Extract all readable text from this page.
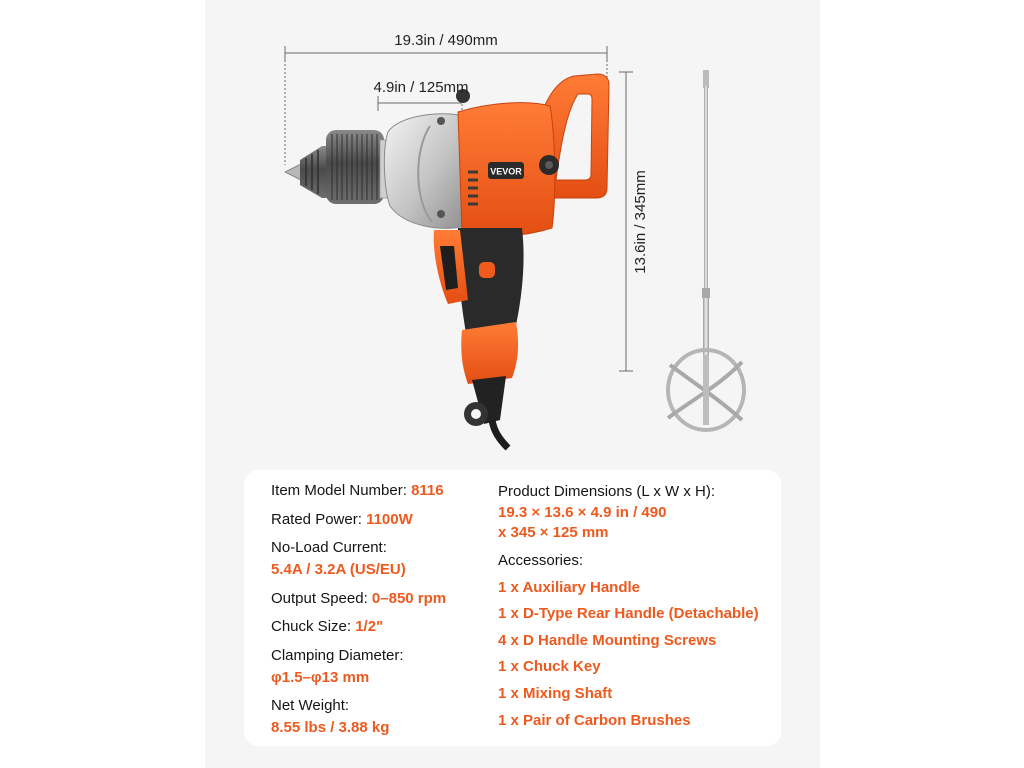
VEVOR
19.3in / 490mm
4.9in / 125mm
13.6in / 345mm
Item Model Number: 8116
Rated Power: 1100W
No-Load Current:
5.4A / 3.2A (US/EU)
Output Speed: 0–850 rpm
Chuck Size: 1/2"
Clamping Diameter:
φ1.5–φ13 mm
Net Weight:
8.55 lbs / 3.88 kg
Product Dimensions (L x W x H):
19.3 × 13.6 × 4.9 in / 490
x 345 × 125 mm
Accessories:
1 x Auxiliary Handle
1 x D-Type Rear Handle (Detachable)
4 x D Handle Mounting Screws
1 x Chuck Key
1 x Mixing Shaft
1 x Pair of Carbon Brushes
